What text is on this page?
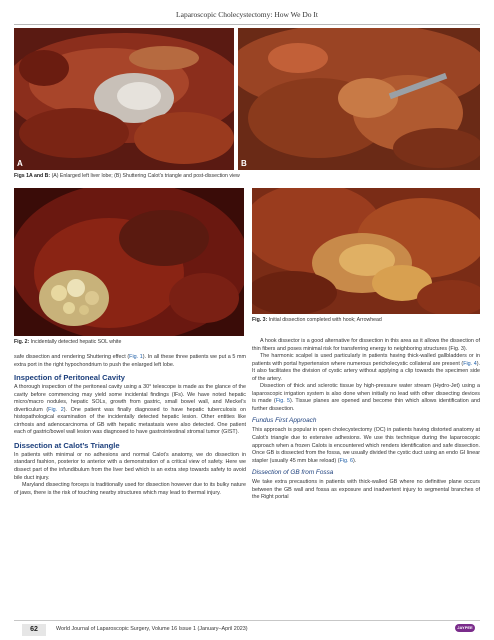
Laparoscopic Cholecystectomy: How We Do It
A	B
Figs 1A and B: (A) Enlarged left liver lobe; (B) Shuttering Calot’s triangle and post-dissection view
Fig. 2: Incidentally detected hepatic SOL white
Fig. 3: Initial dissection completed with hook; Arrowhead

safe dissection and rendering Shuttering effect (Fig. 1). In all these three patients we put a 5 mm extra port in the right hypochondrium to push the enlarged left lobe.

Inspection of Peritoneal Cavity

A thorough inspection of the peritoneal cavity using a 30° telescope is made as the glance of the cavity before commencing may yield some incidental findings (IFs). We have noted hepatic micro/macro nodules, hepatic SOLs, growth from gastric, small bowel wall, and Meckel’s diverticulum (Fig. 2). One patient was finally diagnosed to have hepatic tuberculosis on histopathological examination of the incidentally detected hepatic lesion. Other entities like cirrhosis and adenocarcinoma of GB with hepatic metastasis were also detected. One patient each of gastric/bowel wall lesion was diagnosed to have gastrointestinal stromal tumor (GIST).

Dissection at Calot’s Triangle

In patients with minimal or no adhesions and normal Calot’s anatomy, we do dissection in standard fashion, posterior to anterior with a demonstration of a critical view of safety. Here we dissect part of the infundibulum from the liver bed which is an extra step towards safety to avoid bile duct injury.

Maryland dissecting forceps is traditionally used for dissection however due to its bulky nature of jaws, there is the risk of touching nearby structures which may lead to thermal injury.

A hook dissector is a good alternative for dissection in this area as it allows the dissection of thin fibers and poses minimal risk for transferring energy to neighboring structures (Fig. 3).

The harmonic scalpel is used particularly in patients having thick-walled gallbladders or in patients with portal hypertension where numerous pericholecystic collateral are present (Fig. 4). It also facilitates the division of cystic artery without applying a clip towards the specimen side of the artery.

Dissection of thick and sclerotic tissue by high-pressure water stream (Hydro-Jet) using a laparoscopic irrigation system is also done when initially no lead with other dissecting devices is made (Fig. 5). Tissue planes are opened and become thin which allows identification and further dissection.

Fundus First Approach

This approach is popular in open cholecystectomy (OC) in patients having distorted anatomy at Calot’s triangle due to extensive adhesions. We use this technique during the laparoscopic approach when a frozen Calots is encountered which renders identification and safe dissection. Once GB is dissected from the fossa, we usually divided the cystic duct using an endo GI linear stapler (usually 45 mm blue reload) (Fig. 6).

Dissection of GB from Fossa

We take extra precautions in patients with thick-walled GB where no definitive plane occurs between the GB wall and fossa as exposure and inadvertent injury to segmental branches of the Right portal

62	World Journal of Laparoscopic Surgery, Volume 16 Issue 1 (January–April 2023)	JAYPEE
